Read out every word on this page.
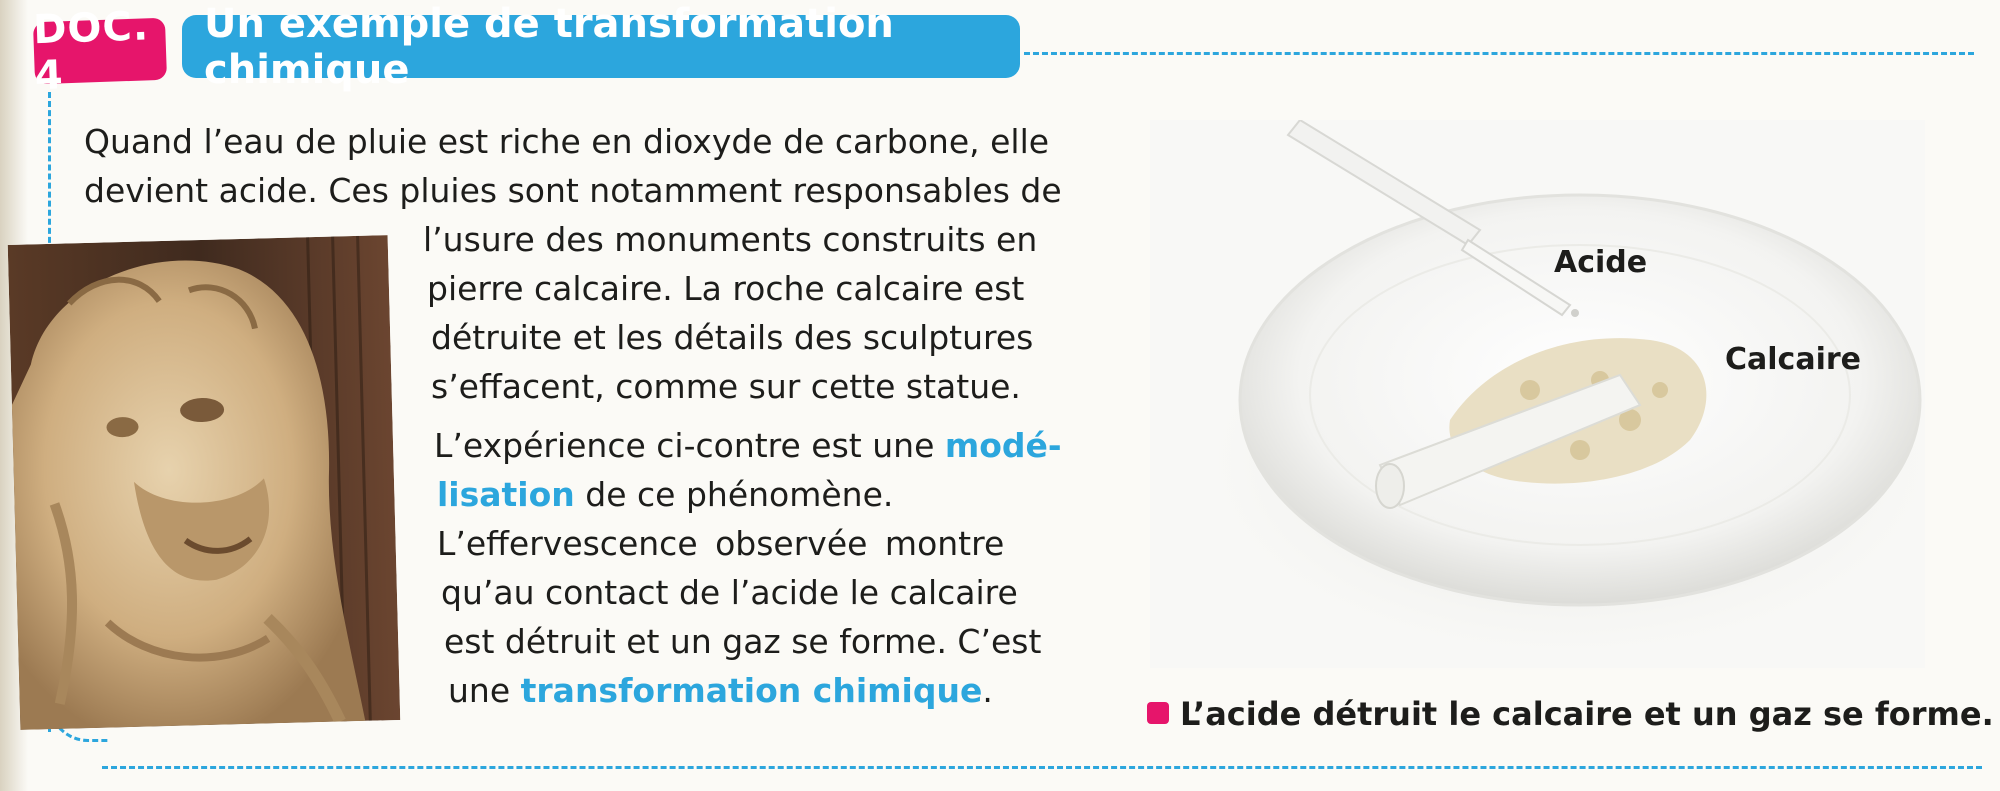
DOC. 4
Un exemple de transformation chimique

Quand l’eau de pluie est riche en dioxyde de carbone, elle

devient acide. Ces pluies sont notamment responsables de

l’usure des monuments construits en

pierre calcaire. La roche calcaire est

détruite et les détails des sculptures

s’effacent, comme sur cette statue.

L’expérience ci-contre est une modé-

lisation de ce phénomène.

L’effervescence observée montre

qu’au contact de l’acide le calcaire

est détruit et un gaz se forme. C’est

une transformation chimique.

Acide
Calcaire
L’acide détruit le calcaire et un gaz se forme.
